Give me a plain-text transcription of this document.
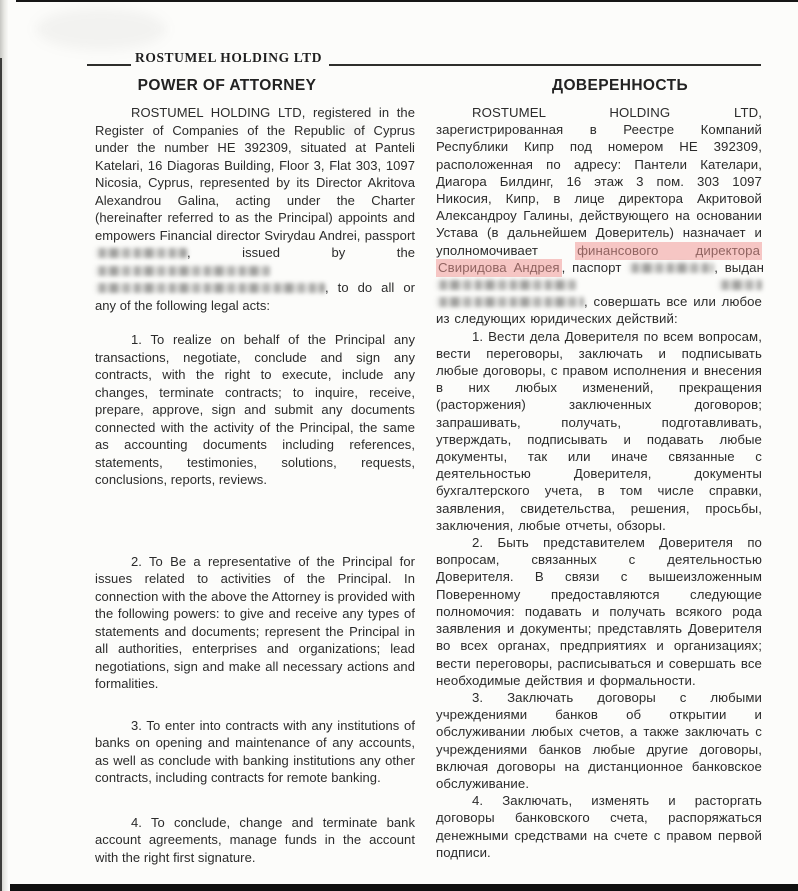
ROSTUMEL HOLDING LTD
POWER OF ATTORNEY

ROSTUMEL HOLDING LTD, registered in the Register of Companies of the Republic of Cyprus under the number HE 392309, situated at Panteli Katelari, 16 Diagoras Building, Floor 3, Flat 303, 1097 Nicosia, Cyprus, represented by its Director Akritova Alexandrou Galina, acting under the Charter (hereinafter referred to as the Principal) appoints and empowers Financial director Svirydau Andrei, passport , issued by the  , to do all or any of the following legal acts:

1. To realize on behalf of the Principal any transactions, negotiate, conclude and sign any contracts, with the right to execute, include any changes, terminate contracts; to inquire, receive, prepare, approve, sign and submit any documents connected with the activity of the Principal, the same as accounting documents including references, statements, testimonies, solutions, requests, conclusions, reports, reviews.

2. To Be a representative of the Principal for issues related to activities of the Principal. In connection with the above the Attorney is provided with the following powers: to give and receive any types of statements and documents; represent the Principal in all authorities, enterprises and organizations; lead negotiations, sign and make all necessary actions and formalities.

3. To enter into contracts with any institutions of banks on opening and maintenance of any accounts, as well as conclude with banking institutions any other contracts, including contracts for remote banking.

4. To conclude, change and terminate bank account agreements, manage funds in the account with the right first signature.

ДОВЕРЕННОСТЬ

ROSTUMEL HOLDING LTD, зарегистрированная в Реестре Компаний Республики Кипр под номером HE 392309, расположенная по адресу: Пантели Кателари, Диагора Билдинг, 16 этаж 3 пом. 303 1097 Никосия, Кипр, в лице директора Акритовой Александроу Галины, действующего на основании Устава (в дальнейшем Доверитель) назначает и уполномочивает финансового директора Свиридова Андрея , паспорт	, выдан   , совершать все или любое из следующих юридических действий:

1. Вести дела Доверителя по всем вопросам, вести переговоры, заключать и подписывать любые договоры, с правом исполнения и внесения в них любых изменений, прекращения (расторжения) заключенных договоров; запрашивать, получать, подготавливать, утверждать, подписывать и подавать любые документы, так или иначе связанные с деятельностью Доверителя, документы бухгалтерского учета, в том числе справки, заявления, свидетельства, решения, просьбы, заключения, любые отчеты, обзоры.

2. Быть представителем Доверителя по вопросам, связанных с деятельностью Доверителя. В связи с вышеизложенным Поверенному предоставляются следующие полномочия: подавать и получать всякого рода заявления и документы; представлять Доверителя во всех органах, предприятиях и организациях; вести переговоры, расписываться и совершать все необходимые действия и формальности.

3. Заключать договоры с любыми учреждениями банков об открытии и обслуживании любых счетов, а также заключать с учреждениями банков любые другие договоры, включая договоры на дистанционное банковское обслуживание.

4. Заключать, изменять и расторгать договоры банковского счета, распоряжаться денежными средствами на счете с правом первой подписи.
